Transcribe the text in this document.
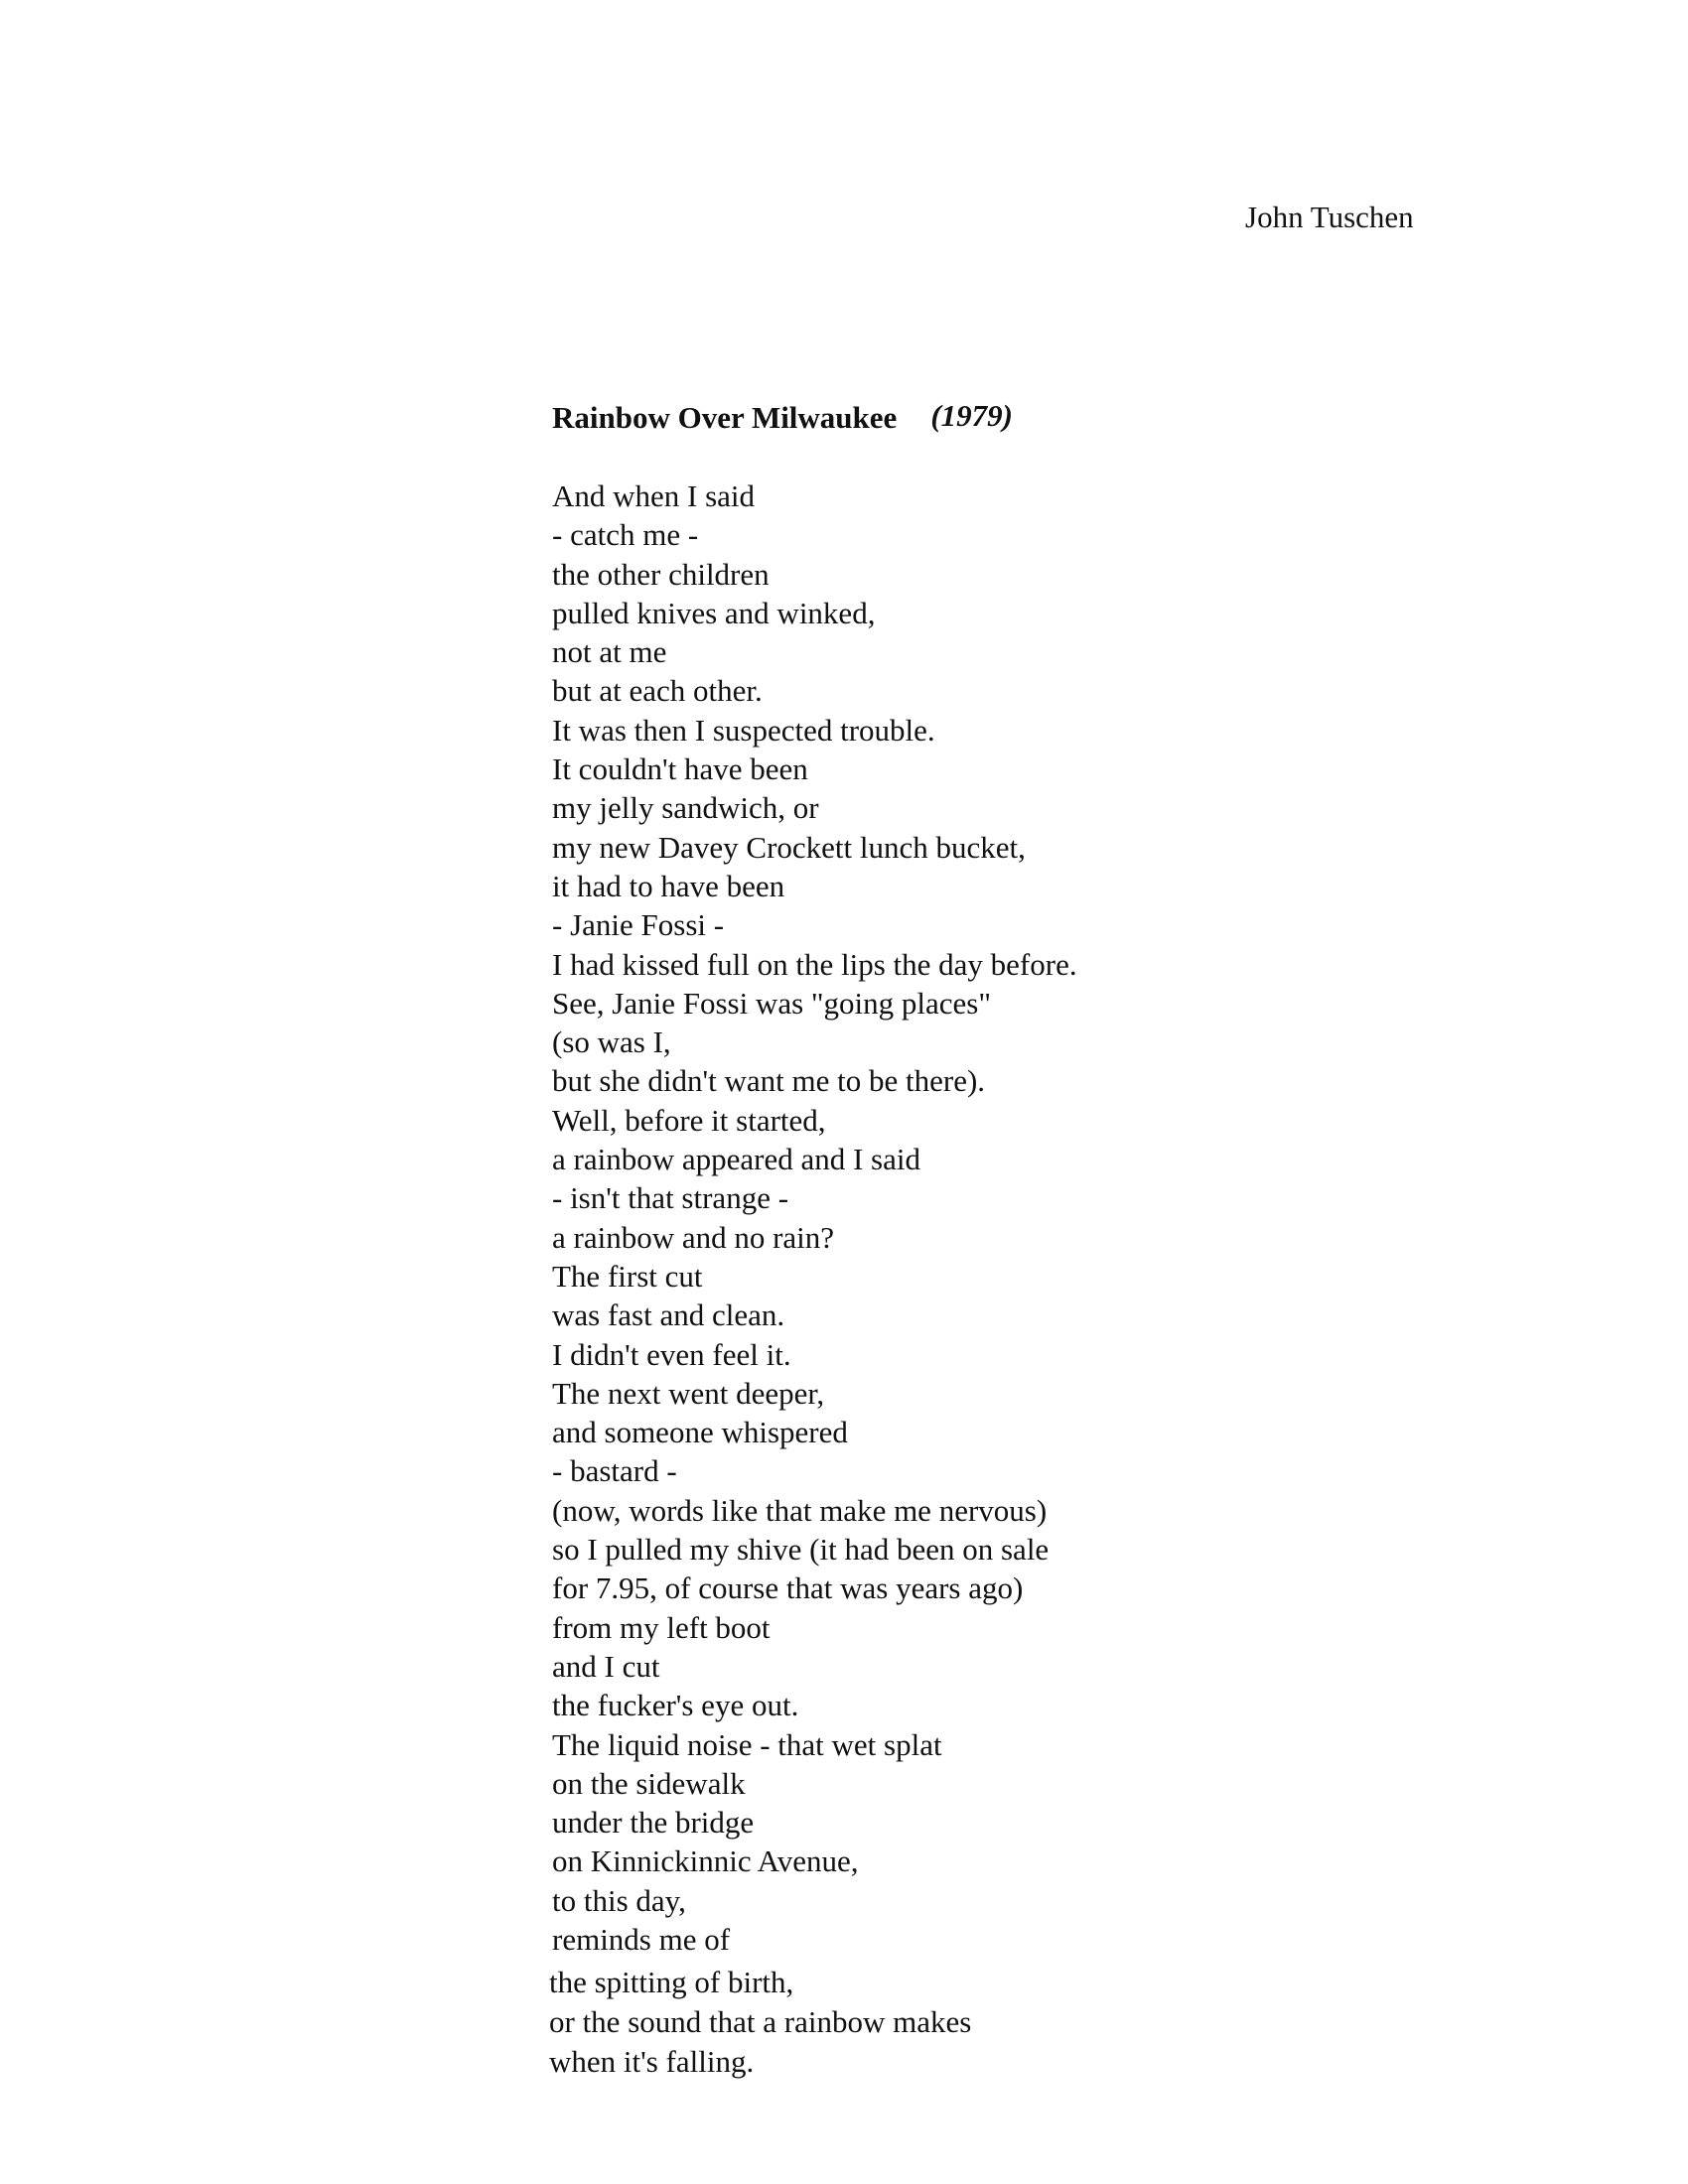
John Tuschen
Rainbow Over Milwaukee (1979)
And when I said
- catch me -
the other children
pulled knives and winked,
not at me
but at each other.
It was then I suspected trouble.
It couldn't have been
my jelly sandwich, or
my new Davey Crockett lunch bucket,
it had to have been
- Janie Fossi -
I had kissed full on the lips the day before.
See, Janie Fossi was "going places"
(so was I,
but she didn't want me to be there).
Well, before it started,
a rainbow appeared and I said
- isn't that strange -
a rainbow and no rain?
The first cut
was fast and clean.
I didn't even feel it.
The next went deeper,
and someone whispered
- bastard -
(now, words like that make me nervous)
so I pulled my shive (it had been on sale
for 7.95, of course that was years ago)
from my left boot
and I cut
the fucker's eye out.
The liquid noise - that wet splat
on the sidewalk
under the bridge
on Kinnickinnic Avenue,
to this day,
reminds me of
the spitting of birth,
or the sound that a rainbow makes
when it's falling.
